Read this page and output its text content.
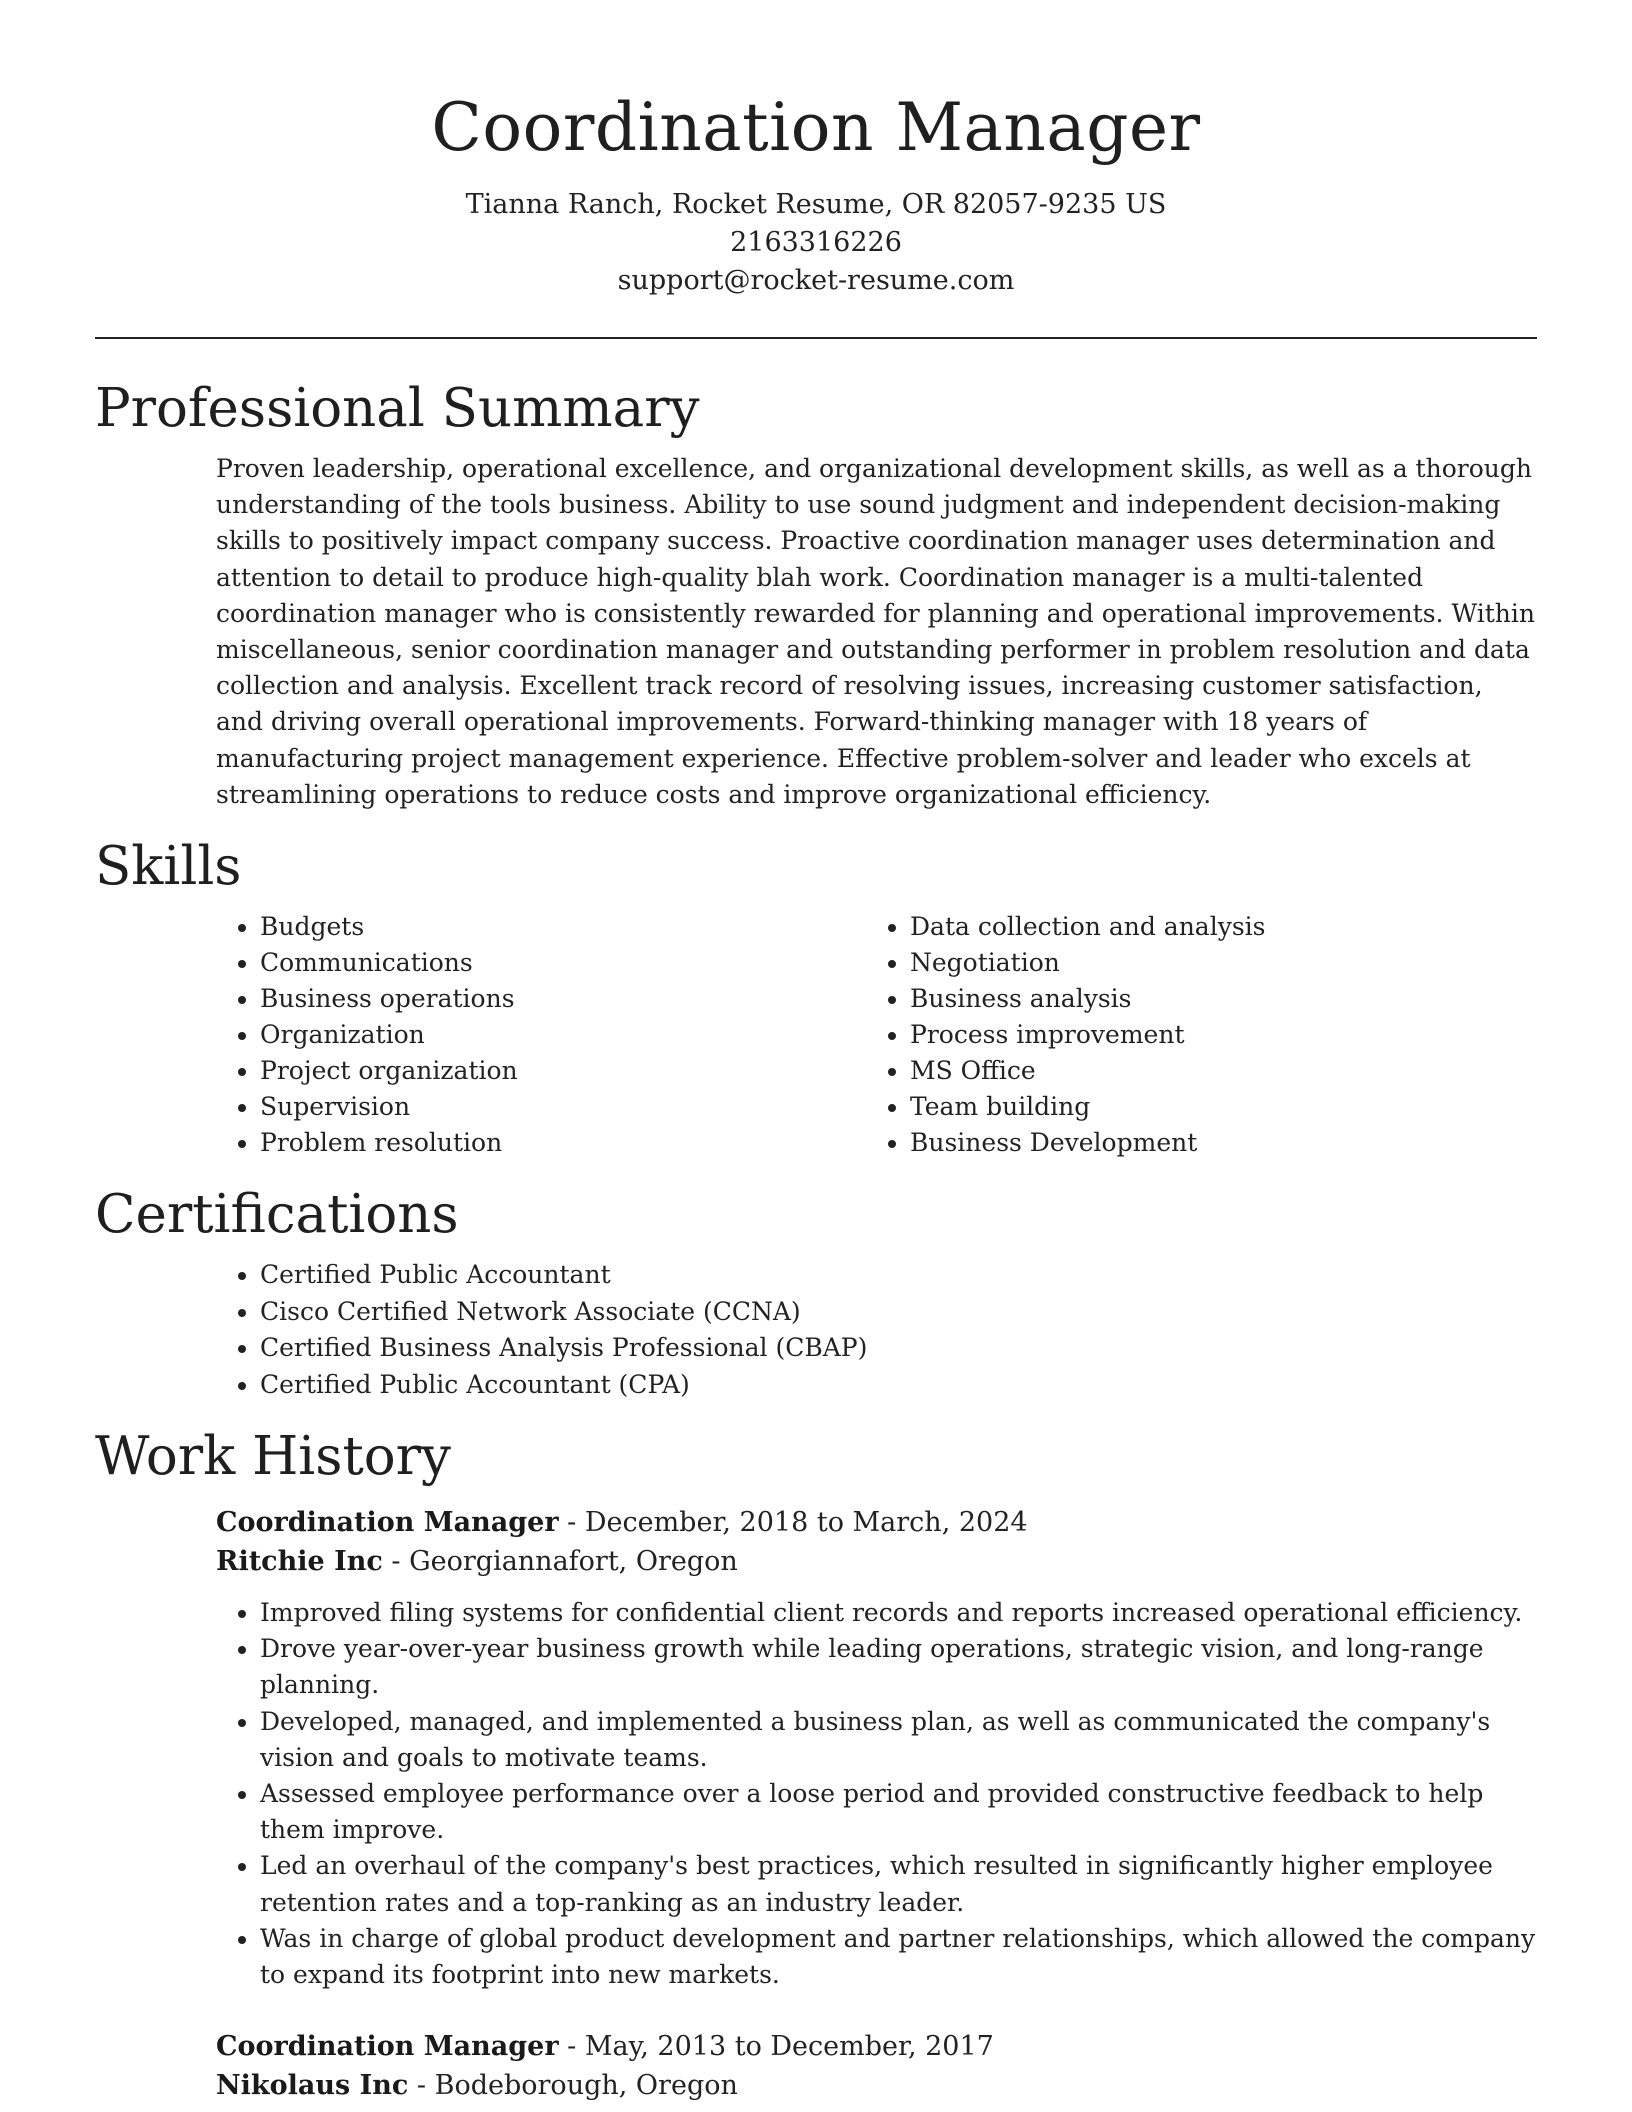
Coordination Manager
Tianna Ranch, Rocket Resume, OR 82057-9235 US
2163316226
support@rocket-resume.com
Professional Summary

Proven leadership, operational excellence, and organizational development skills, as well as a thorough understanding of the tools business. Ability to use sound judgment and independent decision-making skills to positively impact company success. Proactive coordination manager uses determination and attention to detail to produce high-quality blah work. Coordination manager is a multi-talented coordination manager who is consistently rewarded for planning and operational improvements. Within miscellaneous, senior coordination manager and outstanding performer in problem resolution and data collection and analysis. Excellent track record of resolving issues, increasing customer satisfaction, and driving overall operational improvements. Forward-thinking manager with 18 years of manufacturing project management experience. Effective problem-solver and leader who excels at streamlining operations to reduce costs and improve organizational efficiency.

Skills
• Budgets
• Communications
• Business operations
• Organization
• Project organization
• Supervision
• Problem resolution
• Data collection and analysis
• Negotiation
• Business analysis
• Process improvement
• MS Office
• Team building
• Business Development
Certifications
• Certified Public Accountant
• Cisco Certified Network Associate (CCNA)
• Certified Business Analysis Professional (CBAP)
• Certified Public Accountant (CPA)
Work History
Coordination Manager - December, 2018 to March, 2024
Ritchie Inc - Georgiannafort, Oregon
• Improved filing systems for confidential client records and reports increased operational efficiency.
• Drove year-over-year business growth while leading operations, strategic vision, and long-range planning.
• Developed, managed, and implemented a business plan, as well as communicated the company's vision and goals to motivate teams.
• Assessed employee performance over a loose period and provided constructive feedback to help them improve.
• Led an overhaul of the company's best practices, which resulted in significantly higher employee retention rates and a top-ranking as an industry leader.
• Was in charge of global product development and partner relationships, which allowed the company to expand its footprint into new markets.
Coordination Manager - May, 2013 to December, 2017
Nikolaus Inc - Bodeborough, Oregon
